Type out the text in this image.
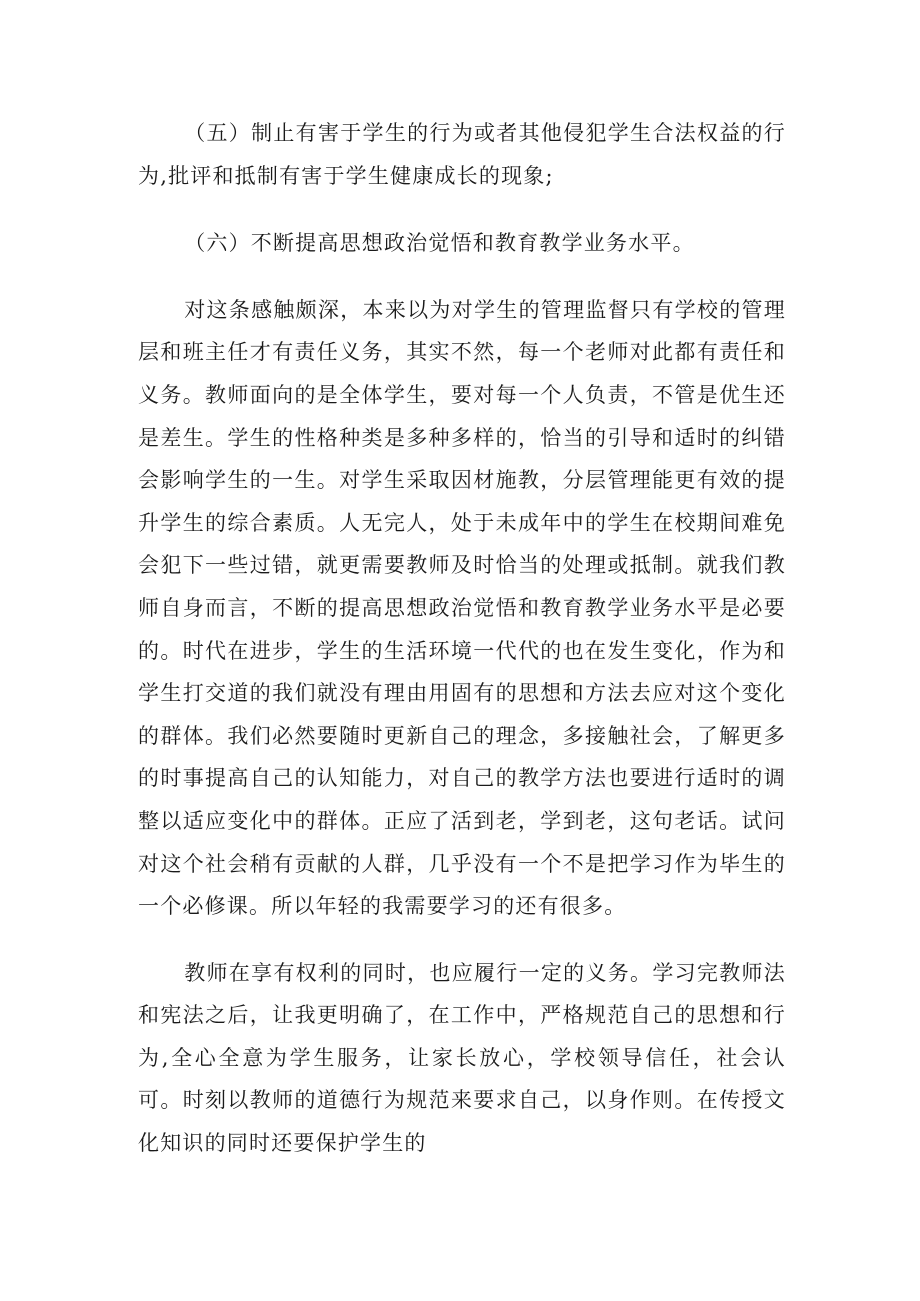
（五）制止有害于学生的行为或者其他侵犯学生合法权益的行为,批评和抵制有害于学生健康成长的现象;

（六）不断提高思想政治觉悟和教育教学业务水平。

对这条感触颇深，本来以为对学生的管理监督只有学校的管理层和班主任才有责任义务，其实不然，每一个老师对此都有责任和义务。教师面向的是全体学生，要对每一个人负责，不管是优生还是差生。学生的性格种类是多种多样的，恰当的引导和适时的纠错会影响学生的一生。对学生采取因材施教，分层管理能更有效的提升学生的综合素质。人无完人，处于未成年中的学生在校期间难免会犯下一些过错，就更需要教师及时恰当的处理或抵制。就我们教师自身而言，不断的提高思想政治觉悟和教育教学业务水平是必要的。时代在进步，学生的生活环境一代代的也在发生变化，作为和学生打交道的我们就没有理由用固有的思想和方法去应对这个变化的群体。我们必然要随时更新自己的理念，多接触社会，了解更多的时事提高自己的认知能力，对自己的教学方法也要进行适时的调整以适应变化中的群体。正应了活到老，学到老，这句老话。试问对这个社会稍有贡献的人群，几乎没有一个不是把学习作为毕生的一个必修课。所以年轻的我需要学习的还有很多。

教师在享有权利的同时，也应履行一定的义务。学习完教师法和宪法之后，让我更明确了，在工作中，严格规范自己的思想和行为,全心全意为学生服务，让家长放心，学校领导信任，社会认可。时刻以教师的道德行为规范来要求自己，以身作则。在传授文化知识的同时还要保护学生的
